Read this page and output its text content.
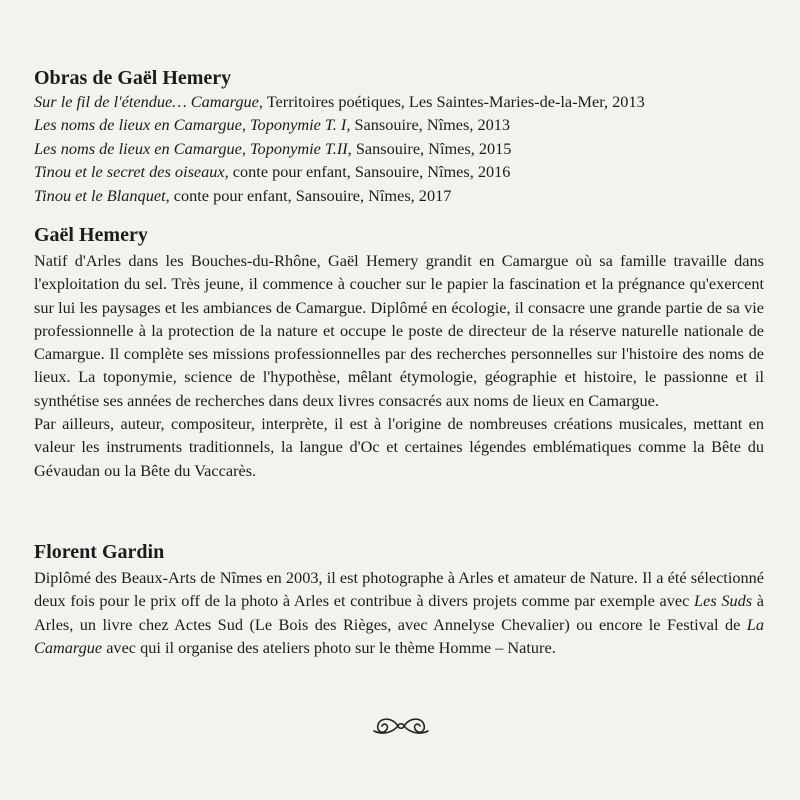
Obras de Gaël Hemery
Sur le fil de l'étendue… Camargue, Territoires poétiques, Les Saintes-Maries-de-la-Mer, 2013
Les noms de lieux en Camargue, Toponymie T. I, Sansouire, Nîmes, 2013
Les noms de lieux en Camargue, Toponymie T.II, Sansouire, Nîmes, 2015
Tinou et le secret des oiseaux, conte pour enfant, Sansouire, Nîmes, 2016
Tinou et le Blanquet, conte pour enfant, Sansouire, Nîmes, 2017
Gaël Hemery

Natif d'Arles dans les Bouches-du-Rhône, Gaël Hemery grandit en Camargue où sa famille travaille dans l'exploitation du sel. Très jeune, il commence à coucher sur le papier la fascination et la prégnance qu'exercent sur lui les paysages et les ambiances de Camargue. Diplômé en écologie, il consacre une grande partie de sa vie professionnelle à la protection de la nature et occupe le poste de directeur de la réserve naturelle nationale de Camargue. Il complète ses missions professionnelles par des recherches personnelles sur l'histoire des noms de lieux. La toponymie, science de l'hypothèse, mêlant étymologie, géographie et histoire, le passionne et il synthétise ses années de recherches dans deux livres consacrés aux noms de lieux en Camargue.

Par ailleurs, auteur, compositeur, interprète, il est à l'origine de nombreuses créations musicales, mettant en valeur les instruments traditionnels, la langue d'Oc et certaines légendes emblématiques comme la Bête du Gévaudan ou la Bête du Vaccarès.

Florent Gardin

Diplômé des Beaux-Arts de Nîmes en 2003, il est photographe à Arles et amateur de Nature. Il a été sélectionné deux fois pour le prix off de la photo à Arles et contribue à divers projets comme par exemple avec Les Suds à Arles, un livre chez Actes Sud (Le Bois des Rièges, avec Annelyse Chevalier) ou encore le Festival de La Camargue avec qui il organise des ateliers photo sur le thème Homme – Nature.
